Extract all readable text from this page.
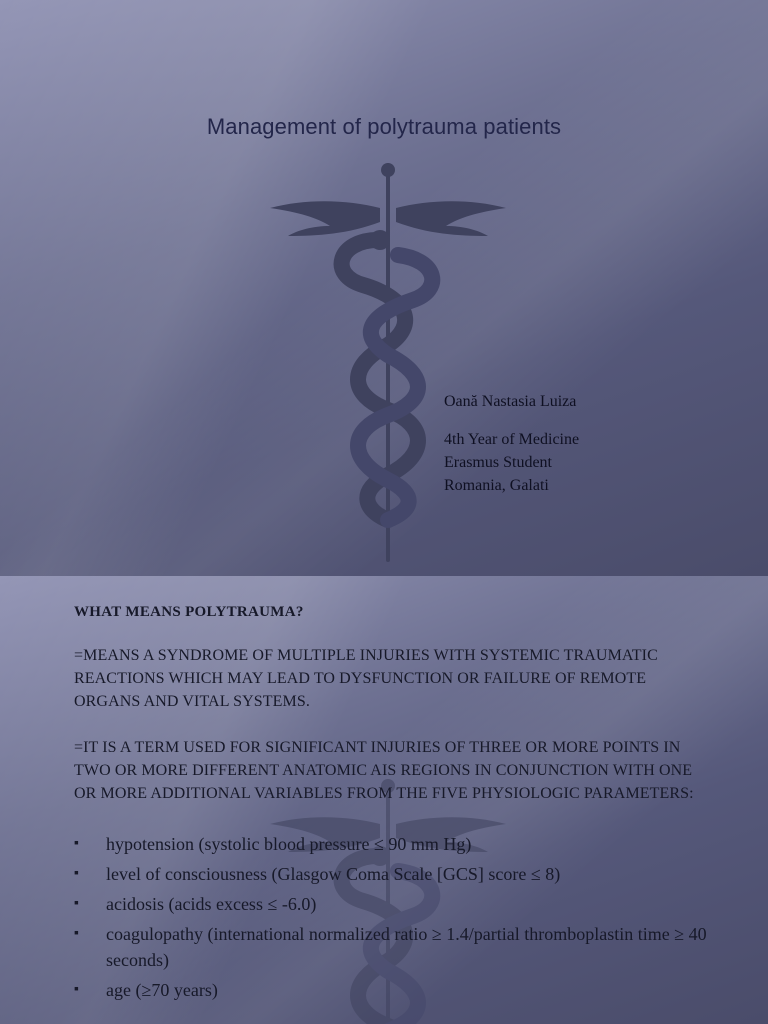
Management of polytrauma patients
Oană Nastasia Luiza
4th Year of Medicine
Erasmus Student
Romania, Galati

WHAT MEANS POLYTRAUMA?

=MEANS A SYNDROME OF MULTIPLE INJURIES WITH SYSTEMIC TRAUMATIC REACTIONS WHICH MAY LEAD TO DYSFUNCTION OR FAILURE OF REMOTE ORGANS AND VITAL SYSTEMS.

=IT IS A TERM USED FOR SIGNIFICANT INJURIES OF THREE OR MORE POINTS IN TWO OR MORE DIFFERENT ANATOMIC AIS REGIONS IN CONJUNCTION WITH ONE OR MORE ADDITIONAL VARIABLES FROM THE FIVE PHYSIOLOGIC PARAMETERS:

▪ hypotension (systolic blood pressure ≤ 90 mm Hg)
▪ level of consciousness (Glasgow Coma Scale [GCS] score ≤ 8)
▪ acidosis (acids excess ≤ -6.0)
▪ coagulopathy (international normalized ratio ≥ 1.4/partial thromboplastin time ≥ 40 seconds)
▪ age (≥70 years)
